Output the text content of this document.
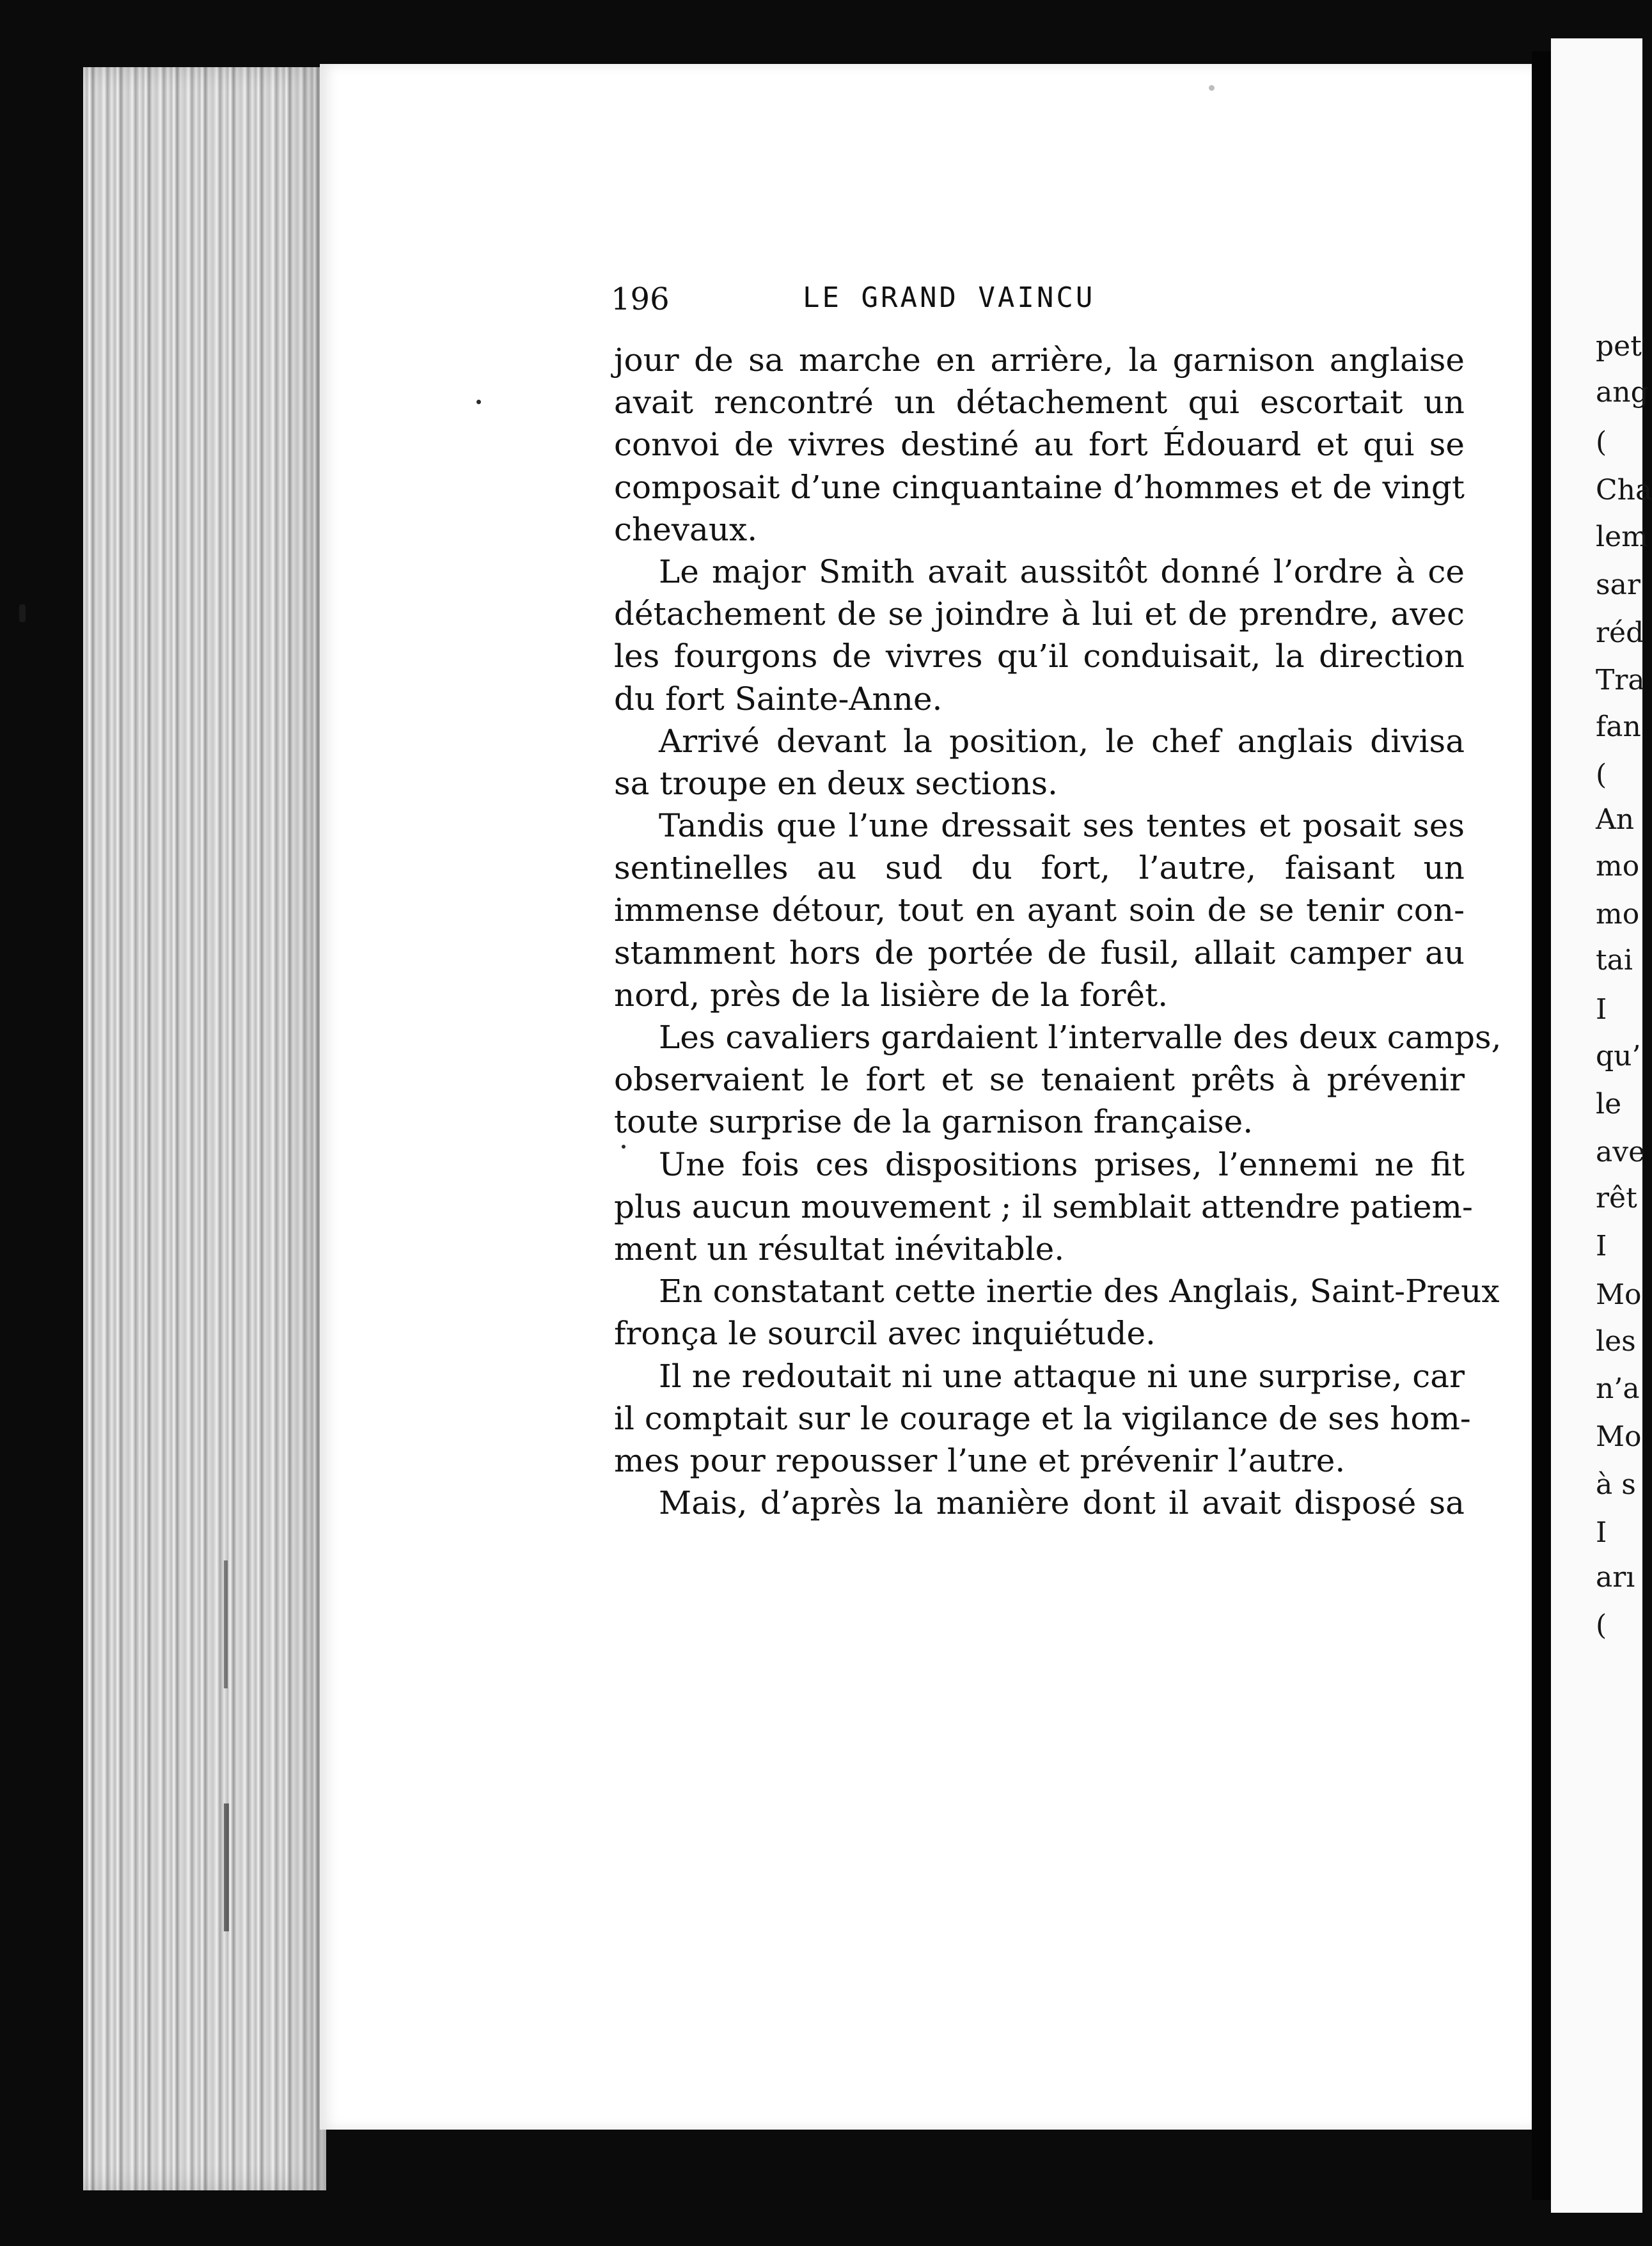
196	LE GRAND VAINCU
jour de sa marche en arrière, la garnison anglaise
avait rencontré un détachement qui escortait un
convoi de vivres destiné au fort Édouard et qui se
composait d’une cinquantaine d’hommes et de vingt
chevaux.
Le major Smith avait aussitôt donné l’ordre à ce
détachement de se joindre à lui et de prendre, avec
les fourgons de vivres qu’il conduisait, la direction
du fort Sainte-Anne.
Arrivé devant la position, le chef anglais divisa
sa troupe en deux sections.
Tandis que l’une dressait ses tentes et posait ses
sentinelles au sud du fort, l’autre, faisant un
immense détour, tout en ayant soin de se tenir con-
stamment hors de portée de fusil, allait camper au
nord, près de la lisière de la forêt.
Les cavaliers gardaient l’intervalle des deux camps,
observaient le fort et se tenaient prêts à prévenir
toute surprise de la garnison française.
Une fois ces dispositions prises, l’ennemi ne fit
plus aucun mouvement ; il semblait attendre patiem-
ment un résultat inévitable.
En constatant cette inertie des Anglais, Saint-Preux
fronça le sourcil avec inquiétude.
Il ne redoutait ni une attaque ni une surprise, car
il comptait sur le courage et la vigilance de ses hom-
mes pour repousser l’une et prévenir l’autre.
Mais, d’après la manière dont il avait disposé sa
pet
ang
(
Cha
lem
sar
réd
Tra
fan
(
An
mo
mo
tai
I
qu’
le
ave
rêt
I
Mo
les
n’a
Mo
à s
I
arı
(
